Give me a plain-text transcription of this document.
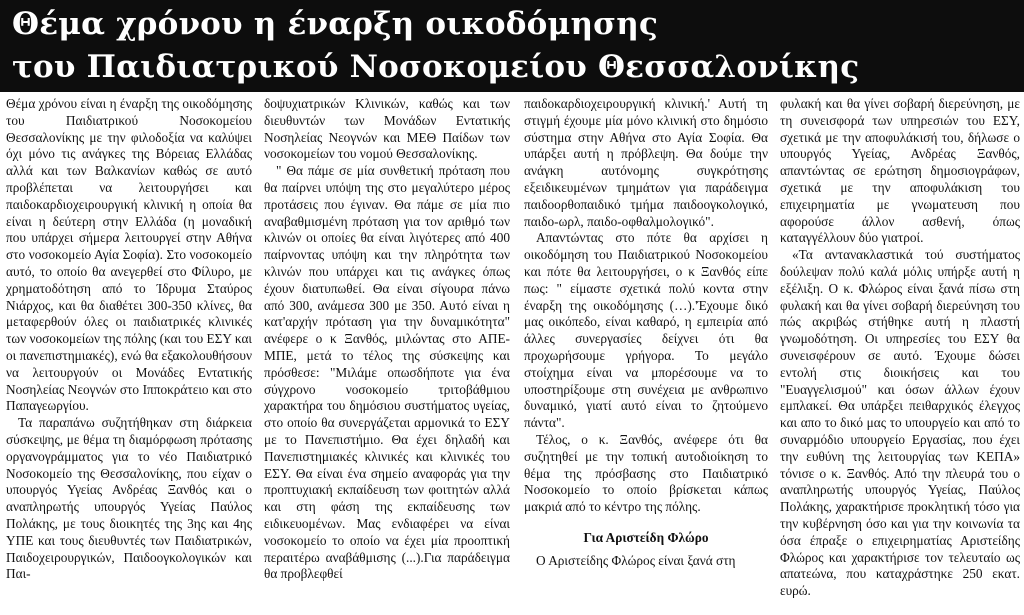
Θέμα χρόνου η έναρξη οικοδόμησης
του Παιδιατρικού Νοσοκομείου Θεσσαλονίκης

Θέμα χρόνου είναι η έναρξη της οικοδόμησης του Παιδιατρικού Νοσοκομείου Θεσσαλονίκης με την φιλοδοξία να καλύψει όχι μόνο τις ανάγκες της Βόρειας Ελλάδας αλλά και των Βαλκανίων καθώς σε αυτό προβλέπεται να λειτουργήσει και παιδοκαρδιοχειρουργική κλινική η οποία θα είναι η δεύτερη στην Ελλάδα (η μοναδική που υπάρχει σήμερα λειτουργεί στην Αθήνα στο νοσοκομείο Αγία Σοφία). Στο νοσοκομείο αυτό, το οποίο θα ανεγερθεί στο Φίλυρο, με χρηματοδότηση από το Ίδρυμα Σταύρος Νιάρχος, και θα διαθέτει 300-350 κλίνες, θα μεταφερθούν όλες οι παιδιατρικές κλινικές των νοσοκομείων της πόλης (και του ΕΣΥ και οι πανεπιστημιακές), ενώ θα εξακολουθήσουν να λειτουργούν οι Μονάδες Εντατικής Νοσηλείας Νεογνών στο Ιπποκράτειο και στο Παπαγεωργίου.

Τα παραπάνω συζητήθηκαν στη διάρκεια σύσκεψης, με θέμα τη διαμόρφωση πρότασης οργανογράμματος για το νέο Παιδιατρικό Νοσοκομείο της Θεσσαλονίκης, που είχαν ο υπουργός Υγείας Ανδρέας Ξανθός και ο αναπληρωτής υπουργός Υγείας Παύλος Πολάκης, με τους διοικητές της 3ης και 4ης ΥΠΕ και τους διευθυντές των Παιδιατρικών, Παιδοχειρουργικών, Παιδοογκολογικών και Παι-

δοψυχιατρικών Κλινικών, καθώς και των διευθυντών των Μονάδων Εντατικής Νοσηλείας Νεογνών και ΜΕΘ Παίδων των νοσοκομείων του νομού Θεσσαλονίκης.

" Θα πάμε σε μία συνθετική πρόταση που θα παίρνει υπόψη της στο μεγαλύτερο μέρος προτάσεις που έγιναν. Θα πάμε σε μία πιο αναβαθμισμένη πρόταση για τον αριθμό των κλινών οι οποίες θα είναι λιγότερες από 400 παίρνοντας υπόψη και την πληρότητα των κλινών που υπάρχει και τις ανάγκες όπως έχουν διατυπωθεί. Θα είναι σίγουρα πάνω από 300, ανάμεσα 300 με 350. Αυτό είναι η κατ'αρχήν πρόταση για την δυναμικότητα" ανέφερε ο κ Ξανθός, μιλώντας στο ΑΠΕ-ΜΠΕ, μετά το τέλος της σύσκεψης και πρόσθεσε: "Μιλάμε οπωσδήποτε για ένα σύγχρονο νοσοκομείο τριτοβάθμιου χαρακτήρα του δημόσιου συστήματος υγείας, στο οποίο θα συνεργάζεται αρμονικά το ΕΣΥ με το Πανεπιστήμιο. Θα έχει δηλαδή και Πανεπιστημιακές κλινικές και κλινικές του ΕΣΥ. Θα είναι ένα σημείο αναφοράς για την προπτυχιακή εκπαίδευση των φοιτητών αλλά και στη φάση της εκπαίδευσης των ειδικευομένων. Μας ενδιαφέρει να είναι νοσοκομείο το οποίο να έχει μία προοπτική περαιτέρω αναβάθμισης (...).Για παράδειγμα θα προβλεφθεί

παιδοκαρδιοχειρουργική κλινική.' Αυτή τη στιγμή έχουμε μία μόνο κλινική στο δημόσιο σύστημα στην Αθήνα στο Αγία Σοφία. Θα υπάρξει αυτή η πρόβλεψη. Θα δούμε την ανάγκη αυτόνομης συγκρότησης εξειδικευμένων τμημάτων για παράδειγμα παιδοορθοπαιδικό τμήμα παιδοογκολογικό, παιδο-ωρλ, παιδο-οφθαλμολογικό".

Απαντώντας στο πότε θα αρχίσει η οικοδόμηση του Παιδιατρικού Νοσοκομείου και πότε θα λειτουργήσει, ο κ Ξανθός είπε πως: " είμαστε σχετικά πολύ κοντα στην έναρξη της οικοδόμησης (…).'Έχουμε δικό μας οικόπεδο, είναι καθαρό, η εμπειρία από άλλες συνεργασίες δείχνει ότι θα προχωρήσουμε γρήγορα. Το μεγάλο στοίχημα είναι να μπορέσουμε να το υποστηρίξουμε στη συνέχεια με ανθρωπινο δυναμικό, γιατί αυτό είναι το ζητούμενο πάντα".

Τέλος, ο κ. Ξανθός, ανέφερε ότι θα συζητηθεί με την τοπική αυτοδιοίκηση το θέμα της πρόσβασης στο Παιδιατρικό Νοσοκομείο το οποίο βρίσκεται κάπως μακριά από το κέντρο της πόλης.

Για Αριστείδη Φλώρο

Ο Αριστείδης Φλώρος είναι ξανά στη

φυλακή και θα γίνει σοβαρή διερεύνηση, με τη συνεισφορά των υπηρεσιών του ΕΣΥ, σχετικά με την αποφυλάκισή του, δήλωσε ο υπουργός Υγείας, Ανδρέας Ξανθός, απαντώντας σε ερώτηση δημοσιογράφων, σχετικά με την αποφυλάκιση του επιχειρηματία με γνωματευση που αφορούσε άλλον ασθενή, όπως καταγγέλλουν δύο γιατροί.

«Τα αντανακλαστικά τού συστήματος δούλεψαν πολύ καλά μόλις υπήρξε αυτή η εξέλιξη. Ο κ. Φλώρος είναι ξανά πίσω στη φυλακή και θα γίνει σοβαρή διερεύνηση του πώς ακριβώς στήθηκε αυτή η πλαστή γνωμοδότηση. Οι υπηρεσίες του ΕΣΥ θα συνεισφέρουν σε αυτό. Έχουμε δώσει εντολή στις διοικήσεις και του "Ευαγγελισμού" και όσων άλλων έχουν εμπλακεί. Θα υπάρξει πειθαρχικός έλεγχος και απο το δικό μας το υπουργείο και από το συναρμόδιο υπουργείο Εργασίας, που έχει την ευθύνη της λειτουργίας των ΚΕΠΑ» τόνισε ο κ. Ξανθός. Από την πλευρά του ο αναπληρωτής υπουργός Υγείας, Παύλος Πολάκης, χαρακτήρισε προκλητική τόσο για την κυβέρνηση όσο και για την κοινωνία τα όσα έπραξε ο επιχειρηματίας Αριστείδης Φλώρος και χαρακτήρισε τον τελευταίο ως απατεώνα, που καταχράστηκε 250 εκατ. ευρώ.
